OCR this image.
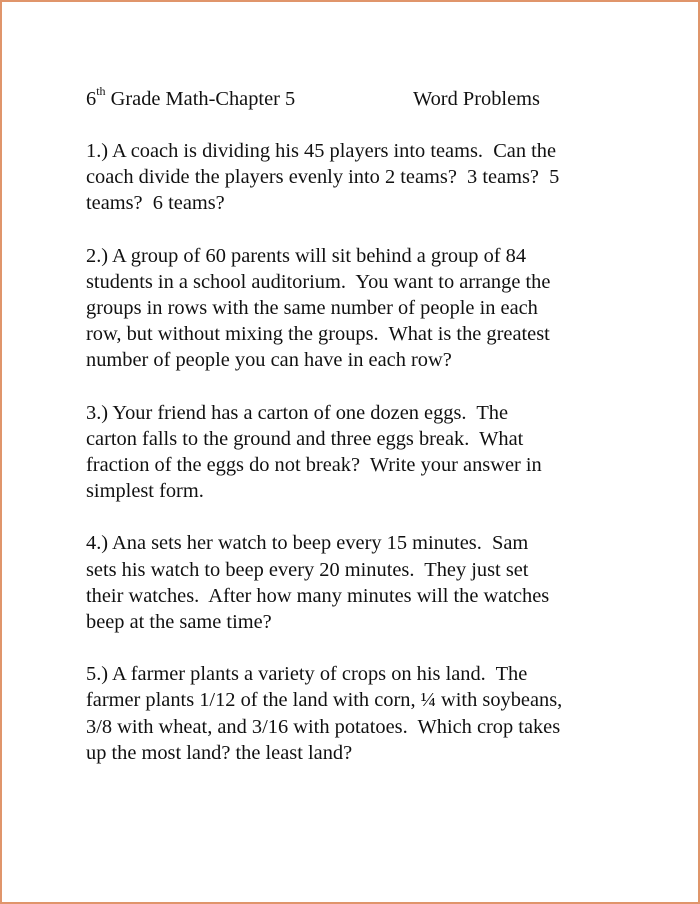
6th Grade Math-Chapter 5	Word Problems

1.) A coach is dividing his 45 players into teams.  Can the
coach divide the players evenly into 2 teams?  3 teams?  5
teams?  6 teams?

2.) A group of 60 parents will sit behind a group of 84
students in a school auditorium.  You want to arrange the
groups in rows with the same number of people in each
row, but without mixing the groups.  What is the greatest
number of people you can have in each row?

3.) Your friend has a carton of one dozen eggs.  The
carton falls to the ground and three eggs break.  What
fraction of the eggs do not break?  Write your answer in
simplest form.

4.) Ana sets her watch to beep every 15 minutes.  Sam
sets his watch to beep every 20 minutes.  They just set
their watches.  After how many minutes will the watches
beep at the same time?

5.) A farmer plants a variety of crops on his land.  The
farmer plants 1/12 of the land with corn, ¼ with soybeans,
3/8 with wheat, and 3/16 with potatoes.  Which crop takes
up the most land? the least land?
